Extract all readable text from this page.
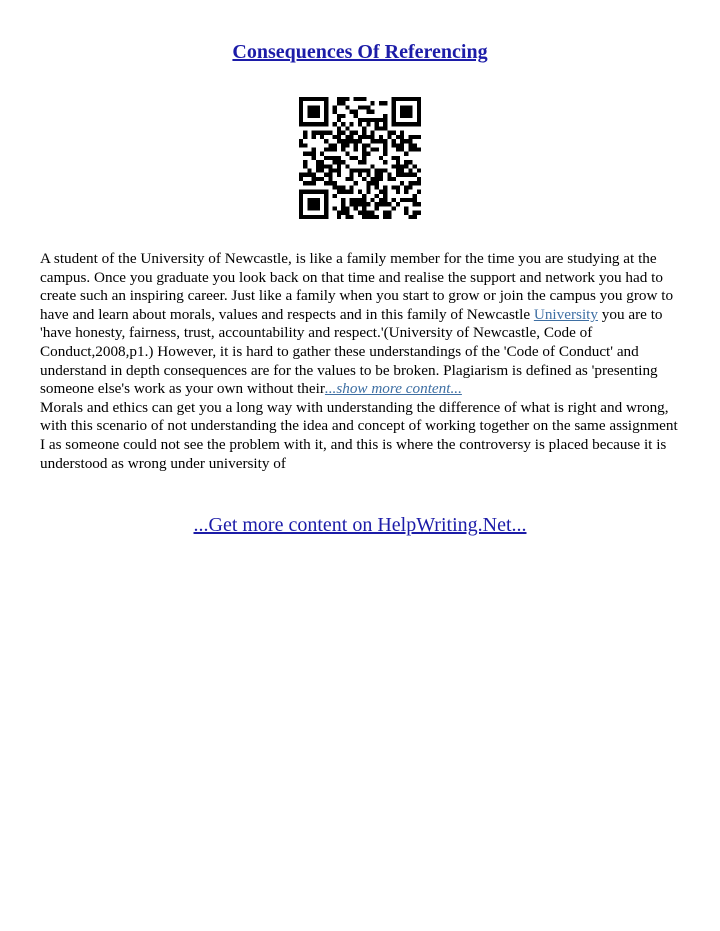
Consequences Of Referencing

A student of the University of Newcastle, is like a family member for the time you are studying at the campus. Once you graduate you look back on that time and realise the support and network you had to create such an inspiring career. Just like a family when you start to grow or join the campus you grow to have and learn about morals, values and respects and in this family of Newcastle University you are to 'have honesty, fairness, trust, accountability and respect.'(University of Newcastle, Code of Conduct,2008,p1.) However, it is hard to gather these understandings of the 'Code of Conduct' and understand in depth consequences are for the values to be broken. Plagiarism is defined as 'presenting someone else's work as your own without their...show more content...

Morals and ethics can get you a long way with understanding the difference of what is right and wrong, with this scenario of not understanding the idea and concept of working together on the same assignment I as someone could not see the problem with it, and this is where the controversy is placed because it is understood as wrong under university of

...Get more content on HelpWriting.Net...
